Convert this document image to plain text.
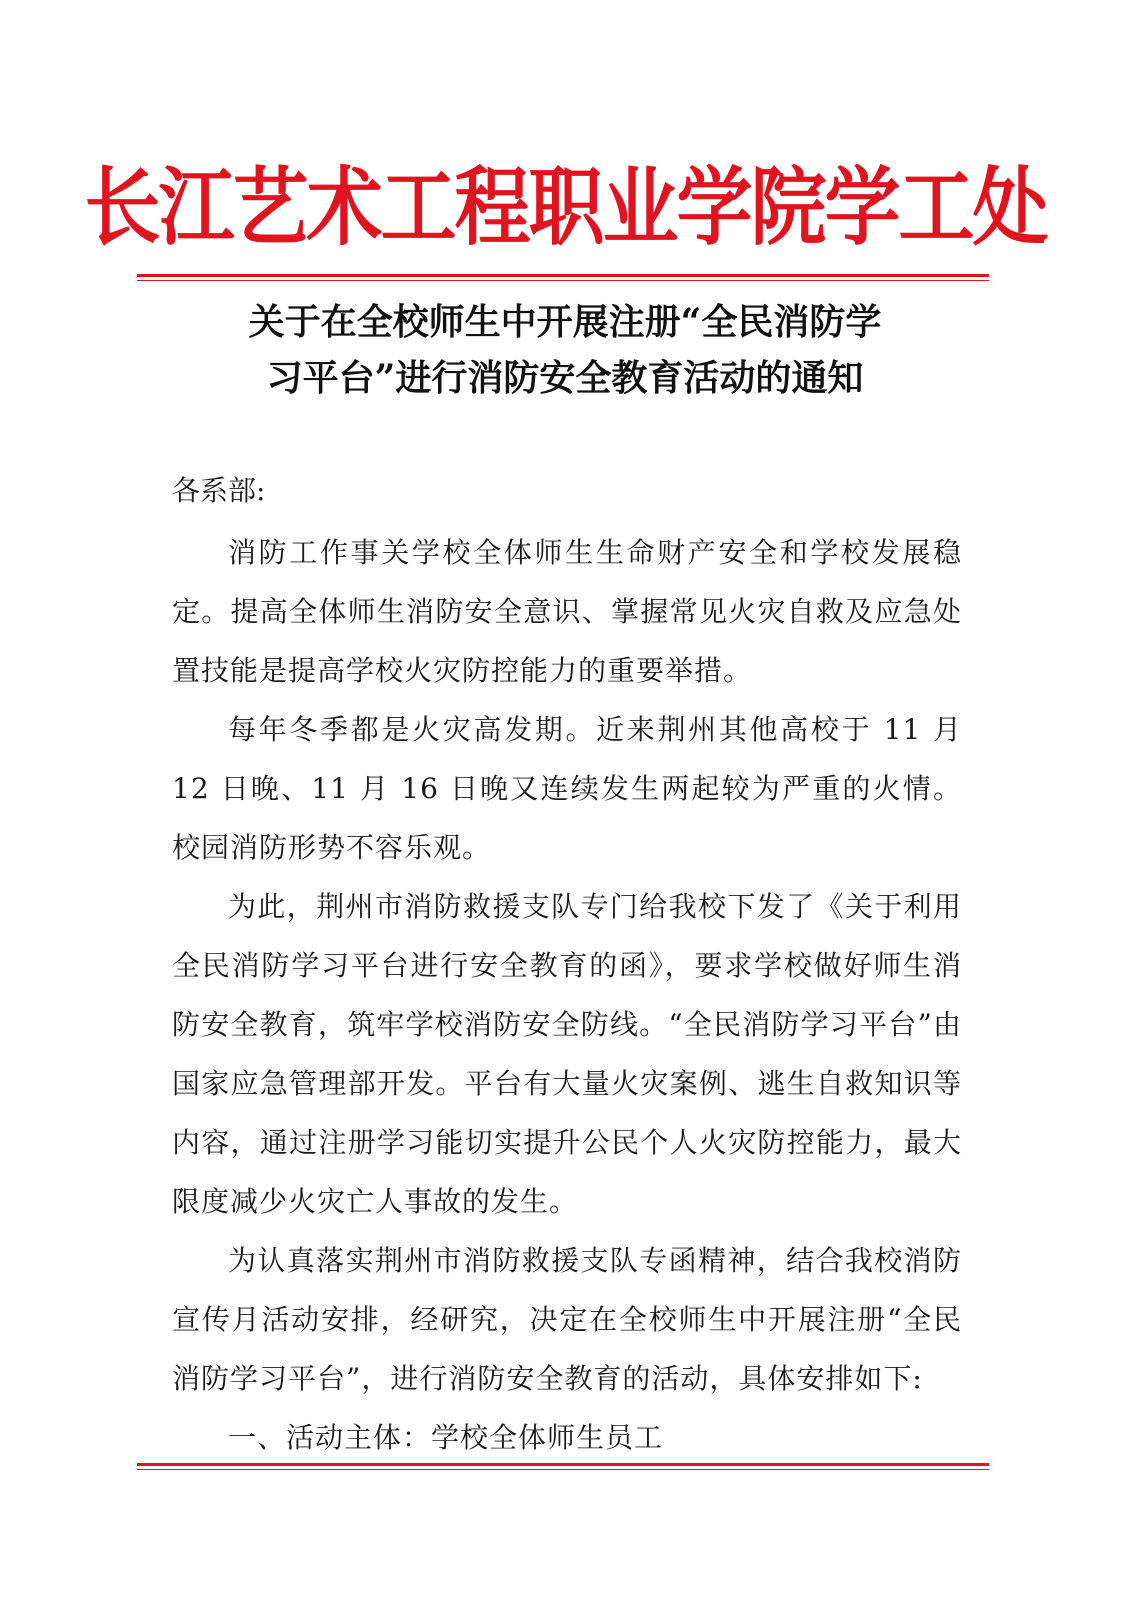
长江艺术工程职业学院学工处
关于在全校师生中开展注册“全民消防学
习平台”进行消防安全教育活动的通知
各系部:

消防工作事关学校全体师生生命财产安全和学校发展稳定。提高全体师生消防安全意识、掌握常见火灾自救及应急处置技能是提高学校火灾防控能力的重要举措。

每年冬季都是火灾高发期。近来荆州其他高校于 11 月 12 日晚、11 月 16 日晚又连续发生两起较为严重的火情。校园消防形势不容乐观。

为此，荆州市消防救援支队专门给我校下发了《关于利用全民消防学习平台进行安全教育的函》，要求学校做好师生消防安全教育，筑牢学校消防安全防线。“全民消防学习平台”由国家应急管理部开发。平台有大量火灾案例、逃生自救知识等内容，通过注册学习能切实提升公民个人火灾防控能力，最大限度减少火灾亡人事故的发生。

为认真落实荆州市消防救援支队专函精神，结合我校消防宣传月活动安排，经研究，决定在全校师生中开展注册“全民消防学习平台”，进行消防安全教育的活动，具体安排如下:

一、活动主体：学校全体师生员工
